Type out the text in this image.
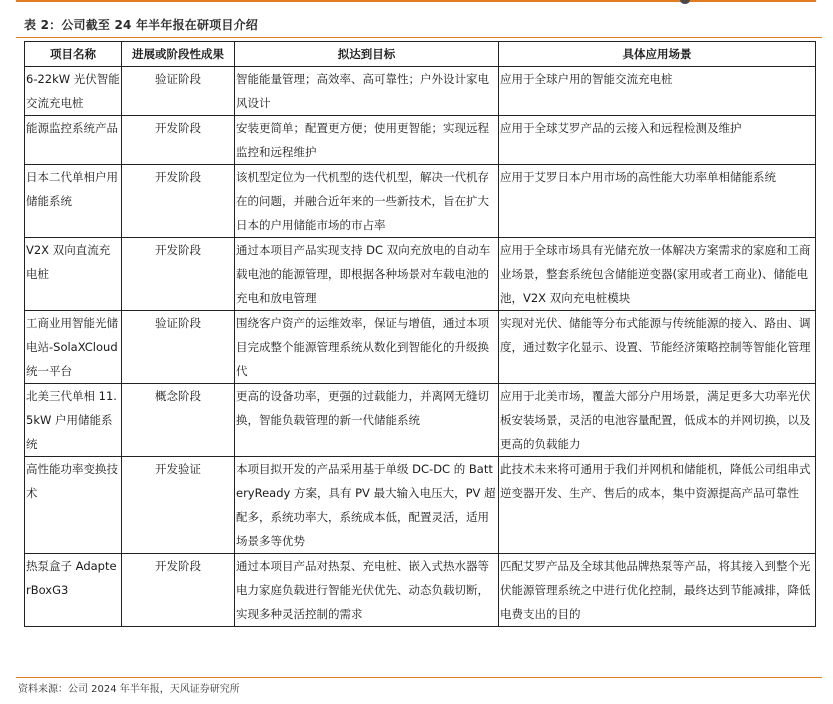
表 2：公司截至 24 年半年报在研项目介绍
项目名称	进展或阶段性成果	拟达到目标	具体应用场景
6-22kW 光伏智能交流充电桩	验证阶段	智能能量管理；高效率、高可靠性；户外设计家电风设计	应用于全球户用的智能交流充电桩
能源监控系统产品	开发阶段	安装更简单；配置更方便；使用更智能；实现远程监控和远程维护	应用于全球艾罗产品的云接入和远程检测及维护
日本二代单相户用储能系统	开发阶段	该机型定位为一代机型的迭代机型，解决一代机存在的问题，并融合近年来的一些新技术，旨在扩大日本的户用储能市场的市占率	应用于艾罗日本户用市场的高性能大功率单相储能系统
V2X 双向直流充电桩	开发阶段	通过本项目产品实现支持 DC 双向充放电的自动车载电池的能源管理，即根据各种场景对车载电池的充电和放电管理	应用于全球市场具有光储充放一体解决方案需求的家庭和工商业场景，整套系统包含储能逆变器(家用或者工商业)、储能电池，V2X 双向充电桩模块
工商业用智能光储电站-SolaXCloud 统一平台	验证阶段	围绕客户资产的运维效率，保证与增值，通过本项目完成整个能源管理系统从数化到智能化的升级换代	实现对光伏、储能等分布式能源与传统能源的接入、路由、调度，通过数字化显示、设置、节能经济策略控制等智能化管理
北美三代单相 11.5kW 户用储能系统	概念阶段	更高的设备功率，更强的过载能力，并离网无缝切换，智能负载管理的新一代储能系统	应用于北美市场，覆盖大部分户用场景，满足更多大功率光伏板安装场景，灵活的电池容量配置，低成本的并网切换，以及更高的负载能力
高性能功率变换技术	开发验证	本项目拟开发的产品采用基于单级 DC-DC 的 BatteryReady 方案，具有 PV 最大输入电压大，PV 超配多，系统功率大，系统成本低，配置灵活，适用场景多等优势	此技术未来将可通用于我们并网机和储能机，降低公司组串式逆变器开发、生产、售后的成本，集中资源提高产品可靠性
热泵盒子 AdapterBoxG3	开发阶段	通过本项目产品对热泵、充电桩、嵌入式热水器等电力家庭负载进行智能光伏优先、动态负载切断，实现多种灵活控制的需求	匹配艾罗产品及全球其他品牌热泵等产品，将其接入到整个光伏能源管理系统之中进行优化控制，最终达到节能减排，降低电费支出的目的
资料来源：公司 2024 年半年报，天风证券研究所
